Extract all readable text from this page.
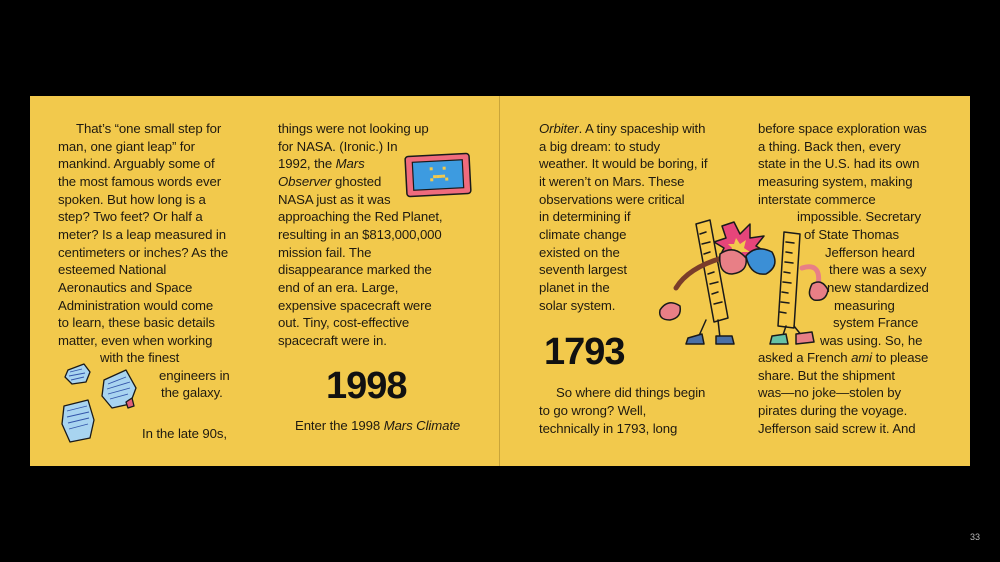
That’s “one small step for
man, one giant leap” for
mankind. Arguably some of
the most famous words ever
spoken. But how long is a
step? Two feet? Or half a
meter? Is a leap measured in
centimeters or inches? As the
esteemed National
Aeronautics and Space
Administration would come
to learn, these basic details
matter, even when working
with the finest
engineers in
the galaxy.
In the late 90s,
things were not looking up
for NASA. (Ironic.) In
1992, the Mars
Observer ghosted
NASA just as it was
approaching the Red Planet,
resulting in an $813,000,000
mission fail. The
disappearance marked the
end of an era. Large,
expensive spacecraft were
out. Tiny, cost-effective
spacecraft were in.
1998
Enter the 1998 Mars Climate
Orbiter. A tiny spaceship with
a big dream: to study
weather. It would be boring, if
it weren’t on Mars. These
observations were critical
in determining if
climate change
existed on the
seventh largest
planet in the
solar system.
1793
So where did things begin
to go wrong? Well,
technically in 1793, long
before space exploration was
a thing. Back then, every
state in the U.S. had its own
measuring system, making
interstate commerce
impossible. Secretary
of State Thomas
Jefferson heard
there was a sexy
new standardized
measuring
system France
was using. So, he
asked a French ami to please
share. But the shipment
was—no joke—stolen by
pirates during the voyage.
Jefferson said screw it. And
33
